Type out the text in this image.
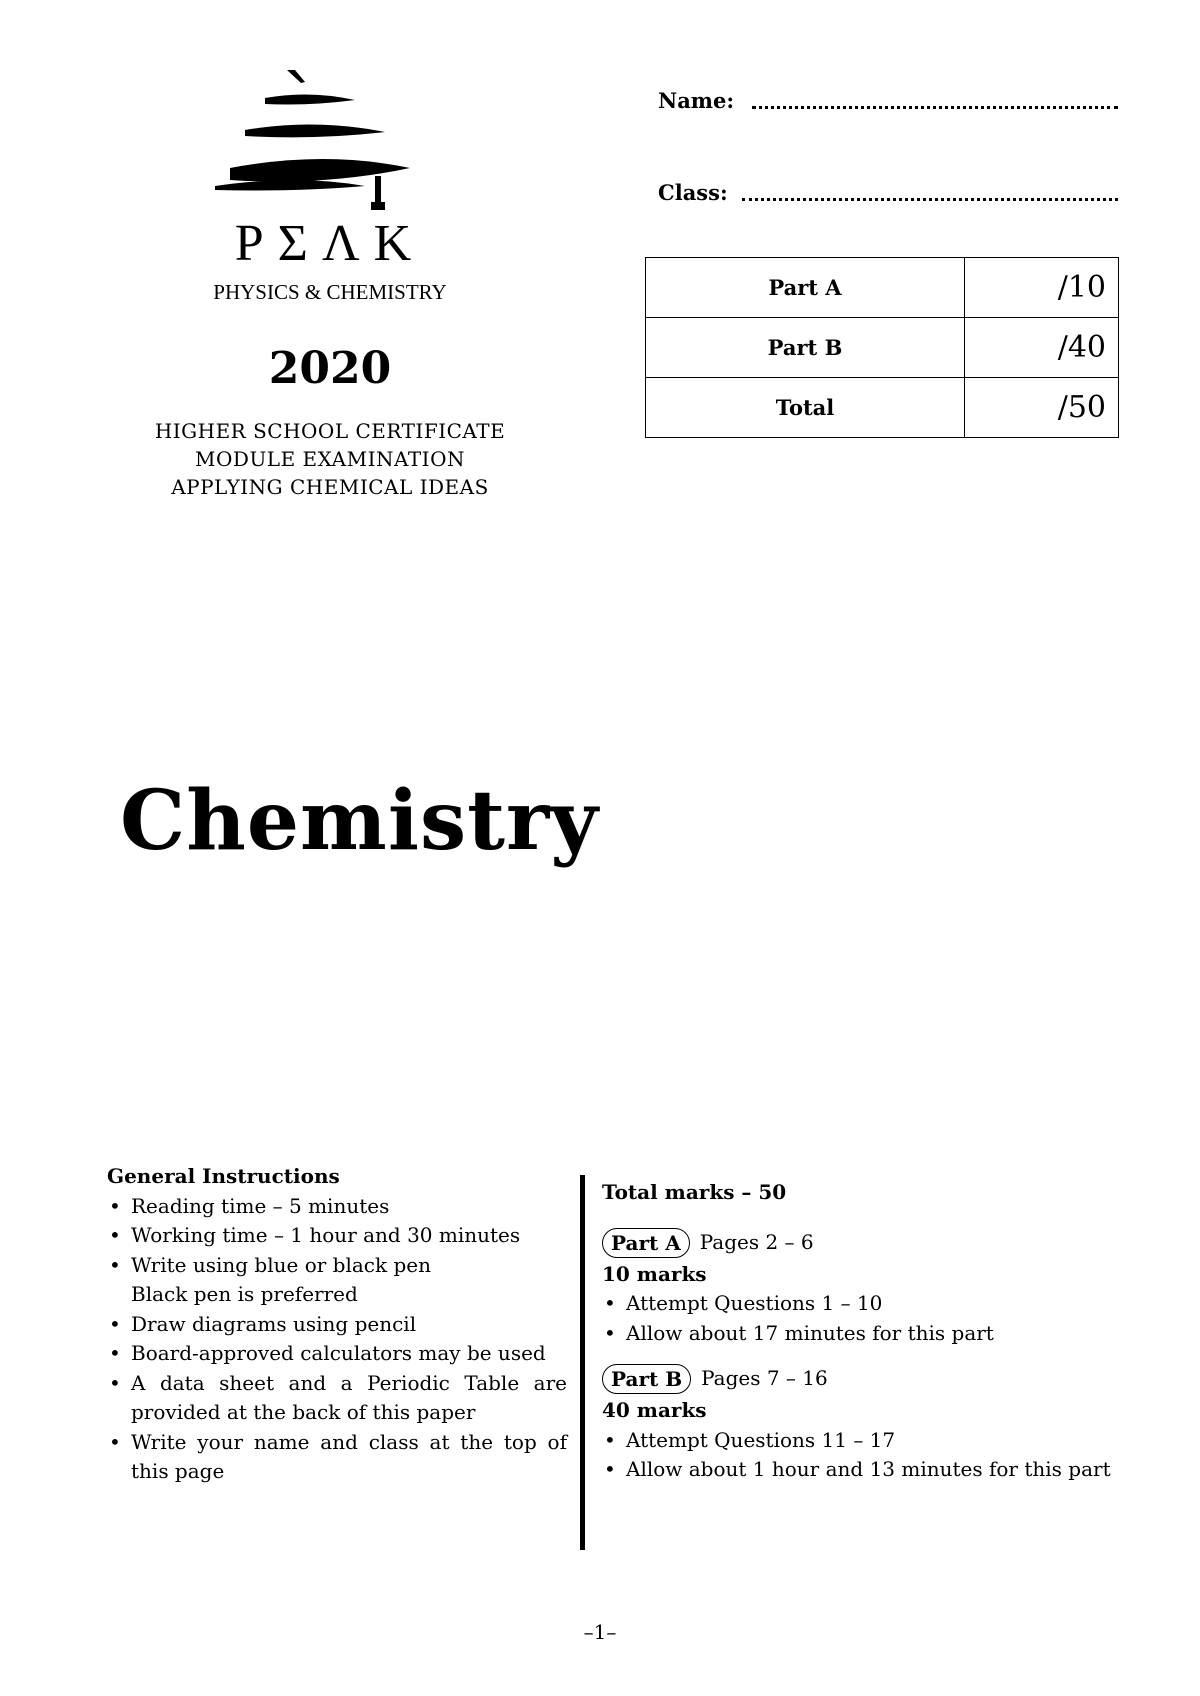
PΣΛK
PHYSICS & CHEMISTRY
2020
HIGHER SCHOOL CERTIFICATE
MODULE EXAMINATION
APPLYING CHEMICAL IDEAS
Name:
Class:
Part A	/10
Part B	/40
Total	/50
Chemistry
General Instructions
• Reading time – 5 minutes
• Working time – 1 hour and 30 minutes
• Write using blue or black pen
Black pen is preferred
• Draw diagrams using pencil
• Board-approved calculators may be used
• A data sheet and a Periodic Table are provided at the back of this paper
• Write your name and class at the top of this page
Total marks – 50
Part A Pages 2 – 6
10 marks
• Attempt Questions 1 – 10
• Allow about 17 minutes for this part
Part B Pages 7 – 16
40 marks
• Attempt Questions 11 – 17
• Allow about 1 hour and 13 minutes for this part
–1–
